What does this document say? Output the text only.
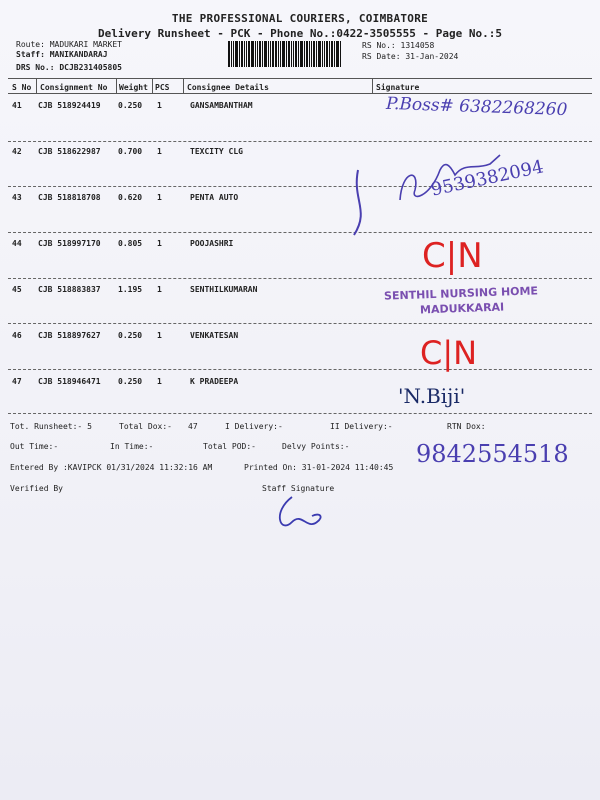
THE PROFESSIONAL COURIERS, COIMBATORE
Delivery Runsheet - PCK - Phone No.:0422-3505555 - Page No.:5
Route: MADUKARI MARKET
Staff: MANIKANDARAJ
DRS No.: DCJB231405805
RS No.: 1314058
RS Date: 31-Jan-2024
S No Consignment No Weight PCS Consignee Details	Signature
41 CJB 518924419 0.250 1	GANSAMBANTHAM
42 CJB 518622987 0.700 1	TEXCITY CLG
43 CJB 518818708 0.620 1	PENTA AUTO
44 CJB 518997170 0.805 1	POOJASHRI
45 CJB 518883837 1.195 1	SENTHILKUMARAN
46 CJB 518897627 0.250 1	VENKATESAN
47 CJB 518946471 0.250 1	K PRADEEPA
Tot. Runsheet:- 5	Total Dox:- 47	I Delivery:-	II Delivery:-	RTN Dox:
Out Time:-	In Time:-	Total POD:-	Delvy Points:-
Entered By :KAVIPCK 01/31/2024 11:32:16 AM	Printed On: 31-01-2024 11:40:45
Verified By	Staff Signature
P.Boss# 6382268260
9539382094
C|N
SENTHIL NURSING HOME
MADUKKARAI
C|N
'N.Biji'
9842554518
